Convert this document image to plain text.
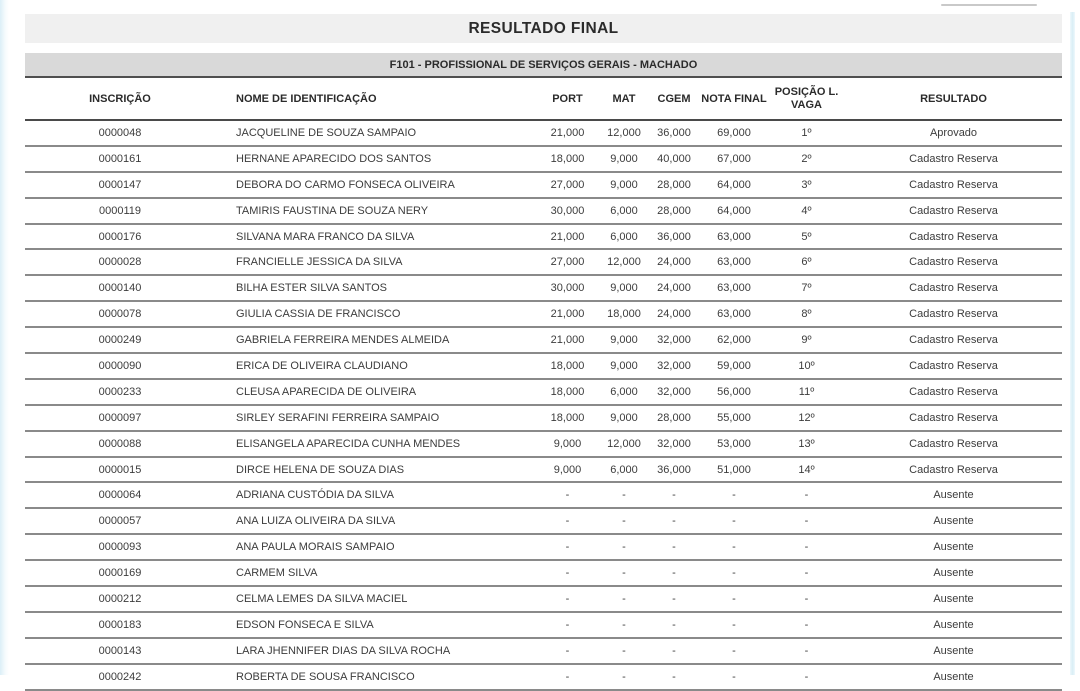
RESULTADO FINAL
F101 - PROFISSIONAL DE SERVIÇOS GERAIS - MACHADO
INSCRIÇÃO	NOME DE IDENTIFICAÇÃO	PORT	MAT	CGEM	NOTA FINAL	POSIÇÃO L. VAGA	RESULTADO
0000048	JACQUELINE DE SOUZA SAMPAIO	21,000	12,000	36,000	69,000	1º	Aprovado
0000161	HERNANE APARECIDO DOS SANTOS	18,000	9,000	40,000	67,000	2º	Cadastro Reserva
0000147	DEBORA DO CARMO FONSECA OLIVEIRA	27,000	9,000	28,000	64,000	3º	Cadastro Reserva
0000119	TAMIRIS FAUSTINA DE SOUZA NERY	30,000	6,000	28,000	64,000	4º	Cadastro Reserva
0000176	SILVANA MARA FRANCO DA SILVA	21,000	6,000	36,000	63,000	5º	Cadastro Reserva
0000028	FRANCIELLE JESSICA DA SILVA	27,000	12,000	24,000	63,000	6º	Cadastro Reserva
0000140	BILHA ESTER SILVA SANTOS	30,000	9,000	24,000	63,000	7º	Cadastro Reserva
0000078	GIULIA CASSIA DE FRANCISCO	21,000	18,000	24,000	63,000	8º	Cadastro Reserva
0000249	GABRIELA FERREIRA MENDES ALMEIDA	21,000	9,000	32,000	62,000	9º	Cadastro Reserva
0000090	ERICA DE OLIVEIRA CLAUDIANO	18,000	9,000	32,000	59,000	10º	Cadastro Reserva
0000233	CLEUSA APARECIDA DE OLIVEIRA	18,000	6,000	32,000	56,000	11º	Cadastro Reserva
0000097	SIRLEY SERAFINI FERREIRA SAMPAIO	18,000	9,000	28,000	55,000	12º	Cadastro Reserva
0000088	ELISANGELA APARECIDA CUNHA MENDES	9,000	12,000	32,000	53,000	13º	Cadastro Reserva
0000015	DIRCE HELENA DE SOUZA DIAS	9,000	6,000	36,000	51,000	14º	Cadastro Reserva
0000064	ADRIANA CUSTÓDIA DA SILVA	-	-	-	-	-	Ausente
0000057	ANA LUIZA OLIVEIRA DA SILVA	-	-	-	-	-	Ausente
0000093	ANA PAULA MORAIS SAMPAIO	-	-	-	-	-	Ausente
0000169	CARMEM SILVA	-	-	-	-	-	Ausente
0000212	CELMA LEMES DA SILVA MACIEL	-	-	-	-	-	Ausente
0000183	EDSON FONSECA E SILVA	-	-	-	-	-	Ausente
0000143	LARA JHENNIFER DIAS DA SILVA ROCHA	-	-	-	-	-	Ausente
0000242	ROBERTA DE SOUSA FRANCISCO	-	-	-	-	-	Ausente
